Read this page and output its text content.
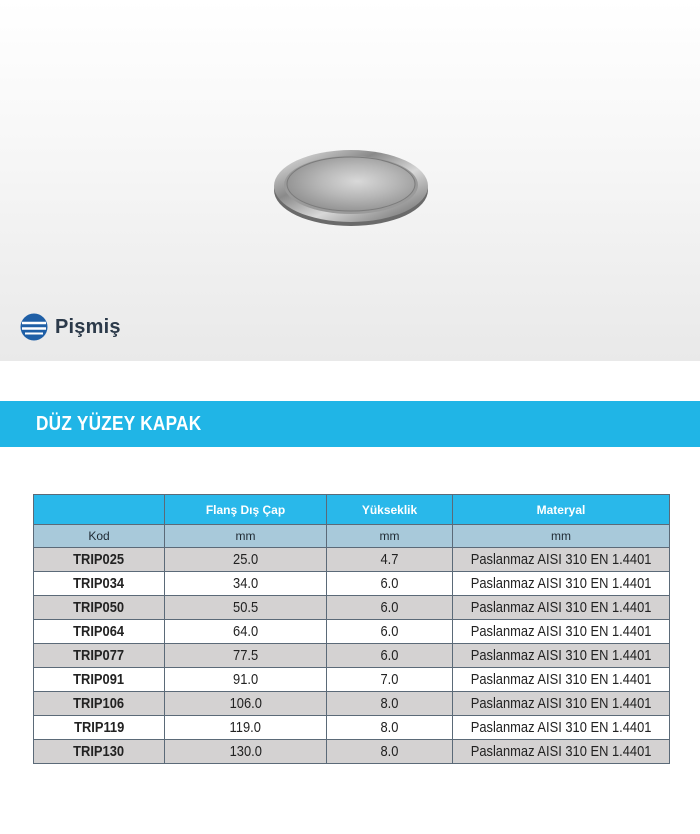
Pişmiş
DÜZ YÜZEY KAPAK
	Flanş Dış Çap	Yükseklik	Materyal
Kod	mm	mm	mm
TRIP025	25.0	4.7	Paslanmaz AISI 310 EN 1.4401
TRIP034	34.0	6.0	Paslanmaz AISI 310 EN 1.4401
TRIP050	50.5	6.0	Paslanmaz AISI 310 EN 1.4401
TRIP064	64.0	6.0	Paslanmaz AISI 310 EN 1.4401
TRIP077	77.5	6.0	Paslanmaz AISI 310 EN 1.4401
TRIP091	91.0	7.0	Paslanmaz AISI 310 EN 1.4401
TRIP106	106.0	8.0	Paslanmaz AISI 310 EN 1.4401
TRIP119	119.0	8.0	Paslanmaz AISI 310 EN 1.4401
TRIP130	130.0	8.0	Paslanmaz AISI 310 EN 1.4401
